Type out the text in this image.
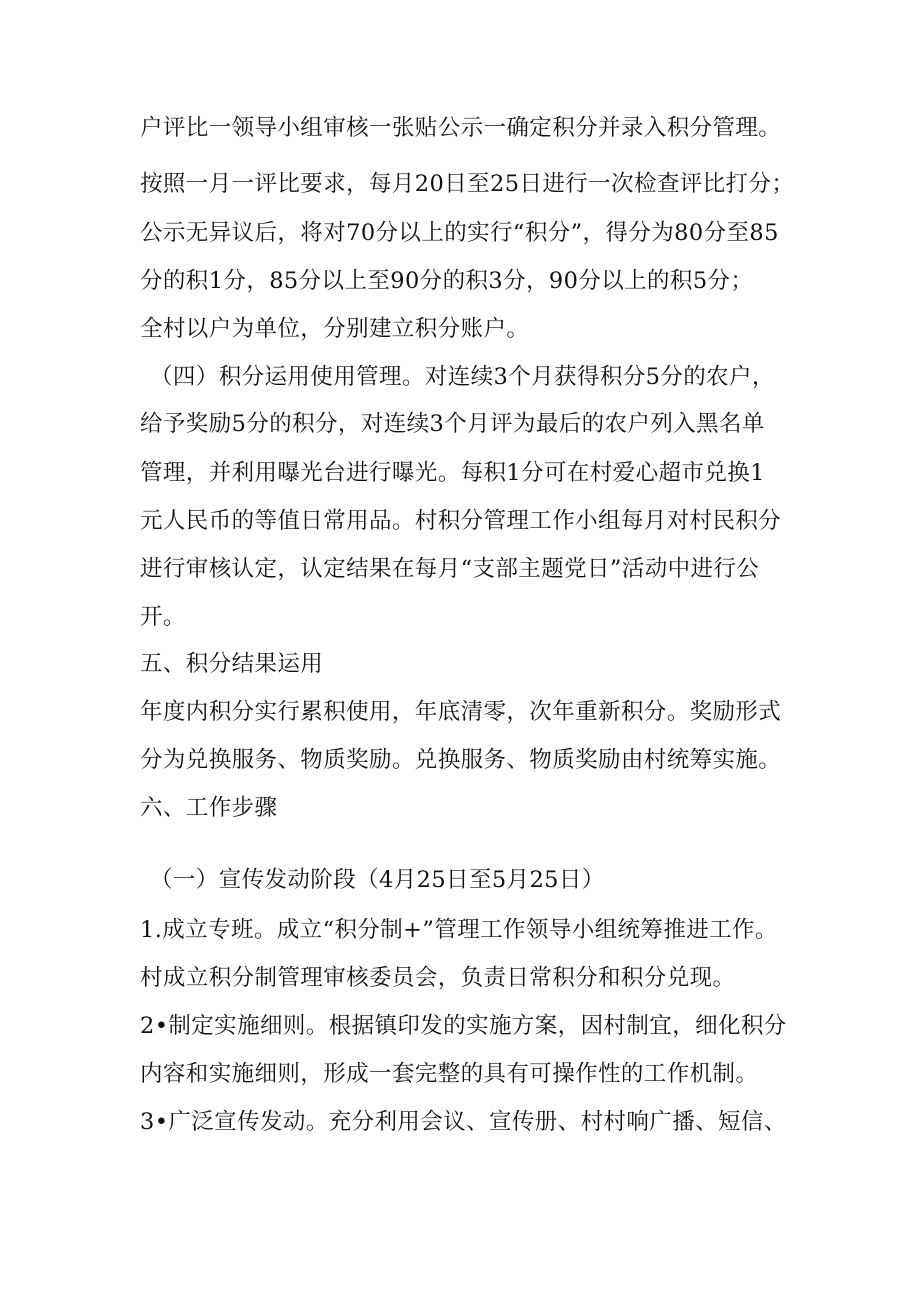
户评比一领导小组审核一张贴公示一确定积分并录入积分管理。
按照一月一评比要求，每月20日至25日进行一次检查评比打分；
公示无异议后，将对70分以上的实行“积分”，得分为80分至85
分的积1分，85分以上至90分的积3分，90分以上的积5分；
全村以户为单位，分别建立积分账户。
（四）积分运用使用管理。对连续3个月获得积分5分的农户，
给予奖励5分的积分，对连续3个月评为最后的农户列入黑名单
管理，并利用曝光台进行曝光。每积1分可在村爱心超市兑换1
元人民币的等值日常用品。村积分管理工作小组每月对村民积分
进行审核认定，认定结果在每月“支部主题党日”活动中进行公
开。
五、积分结果运用
年度内积分实行累积使用，年底清零，次年重新积分。奖励形式
分为兑换服务、物质奖励。兑换服务、物质奖励由村统筹实施。
六、工作步骤
（一）宣传发动阶段（4月25日至5月25日）
1.成立专班。成立“积分制+”管理工作领导小组统筹推进工作。
村成立积分制管理审核委员会，负责日常积分和积分兑现。
2•制定实施细则。根据镇印发的实施方案，因村制宜，细化积分
内容和实施细则，形成一套完整的具有可操作性的工作机制。
3•广泛宣传发动。充分利用会议、宣传册、村村响广播、短信、
